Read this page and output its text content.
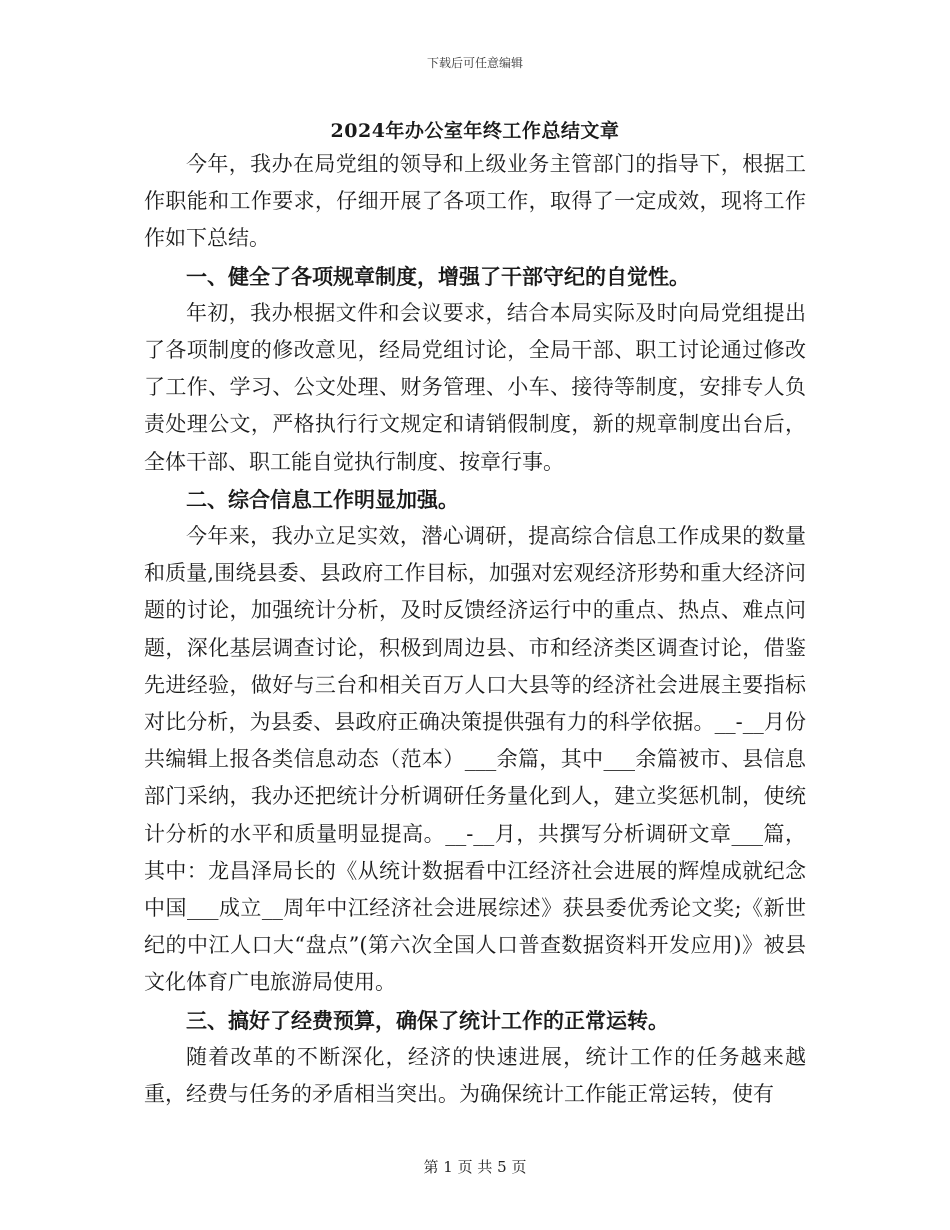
下载后可任意编辑
2024年办公室年终工作总结文章

今年，我办在局党组的领导和上级业务主管部门的指导下，根据工作职能和工作要求，仔细开展了各项工作，取得了一定成效，现将工作作如下总结。

一、健全了各项规章制度，增强了干部守纪的自觉性。

年初，我办根据文件和会议要求，结合本局实际及时向局党组提出了各项制度的修改意见，经局党组讨论，全局干部、职工讨论通过修改了工作、学习、公文处理、财务管理、小车、接待等制度，安排专人负责处理公文，严格执行行文规定和请销假制度，新的规章制度出台后，全体干部、职工能自觉执行制度、按章行事。

二、综合信息工作明显加强。

今年来，我办立足实效，潜心调研，提高综合信息工作成果的数量和质量,围绕县委、县政府工作目标，加强对宏观经济形势和重大经济问题的讨论，加强统计分析，及时反馈经济运行中的重点、热点、难点问题，深化基层调查讨论，积极到周边县、市和经济类区调查讨论，借鉴先进经验，做好与三台和相关百万人口大县等的经济社会进展主要指标对比分析，为县委、县政府正确决策提供强有力的科学依据。__-__月份共编辑上报各类信息动态（范本）___余篇，其中___余篇被市、县信息部门采纳，我办还把统计分析调研任务量化到人，建立奖惩机制，使统计分析的水平和质量明显提高。__-__月，共撰写分析调研文章___篇，其中：龙昌泽局长的《从统计数据看中江经济社会进展的辉煌成就纪念中国___成立__周年中江经济社会进展综述》获县委优秀论文奖;《新世纪的中江人口大“盘点”(第六次全国人口普查数据资料开发应用)》被县文化体育广电旅游局使用。

三、搞好了经费预算，确保了统计工作的正常运转。

随着改革的不断深化，经济的快速进展，统计工作的任务越来越重，经费与任务的矛盾相当突出。为确保统计工作能正常运转，使有

第 1 页 共 5 页
